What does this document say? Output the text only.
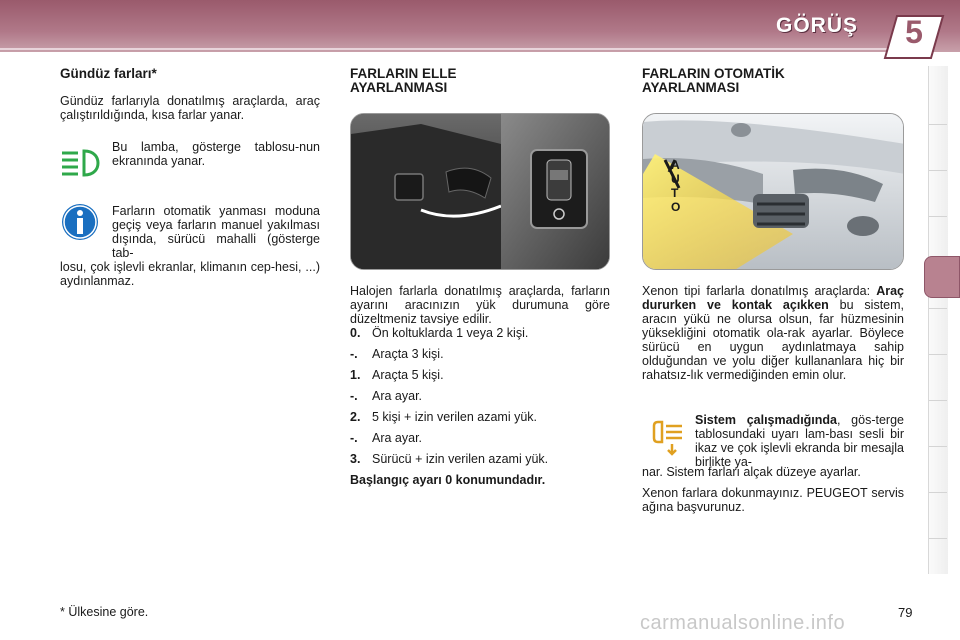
GÖRÜŞ	5
Gündüz farları*

Gündüz farlarıyla donatılmış araçlarda, araç çalıştırıldığında, kısa farlar yanar.

Bu lamba, gösterge tablosu-nun ekranında yanar.
Farların otomatik yanması moduna geçiş veya farların manuel yakılması dışında, sürücü mahalli (gösterge tab-
losu, çok işlevli ekranlar, klimanın cep-hesi, ...) aydınlanmaz.
FARLARIN ELLE
AYARLANMASI
Halojen farlarla donatılmış araçlarda, farların ayarını aracınızın yük durumuna göre düzeltmeniz tavsiye edilir.
0. Ön koltuklarda 1 veya 2 kişi.
-.	Araçta 3 kişi.
1. Araçta 5 kişi.
-.	Ara ayar.
2. 5 kişi + izin verilen azami yük.
-.	Ara ayar.
3. Sürücü + izin verilen azami yük.
Başlangıç ayarı 0 konumundadır.
FARLARIN OTOMATİK
AYARLANMASI
AUTO
Xenon tipi farlarla donatılmış araçlarda: Araç dururken ve kontak açıkken bu sistem, aracın yükü ne olursa olsun, far hüzmesinin yüksekliğini otomatik ola-rak ayarlar. Böylece sürücü en uygun aydınlatmaya sahip olduğundan ve yolu diğer kullananlara hiç bir rahatsız-lık vermediğinden emin olur.
Sistem çalışmadığında, gös-terge tablosundaki uyarı lam-bası sesli bir ikaz ve çok işlevli ekranda bir mesajla birlikte ya-
nar. Sistem farları alçak düzeye ayarlar.
Xenon farlara dokunmayınız. PEUGEOT servis ağına başvurunuz.
* Ülkesine göre.	79
carmanualsonline.info
